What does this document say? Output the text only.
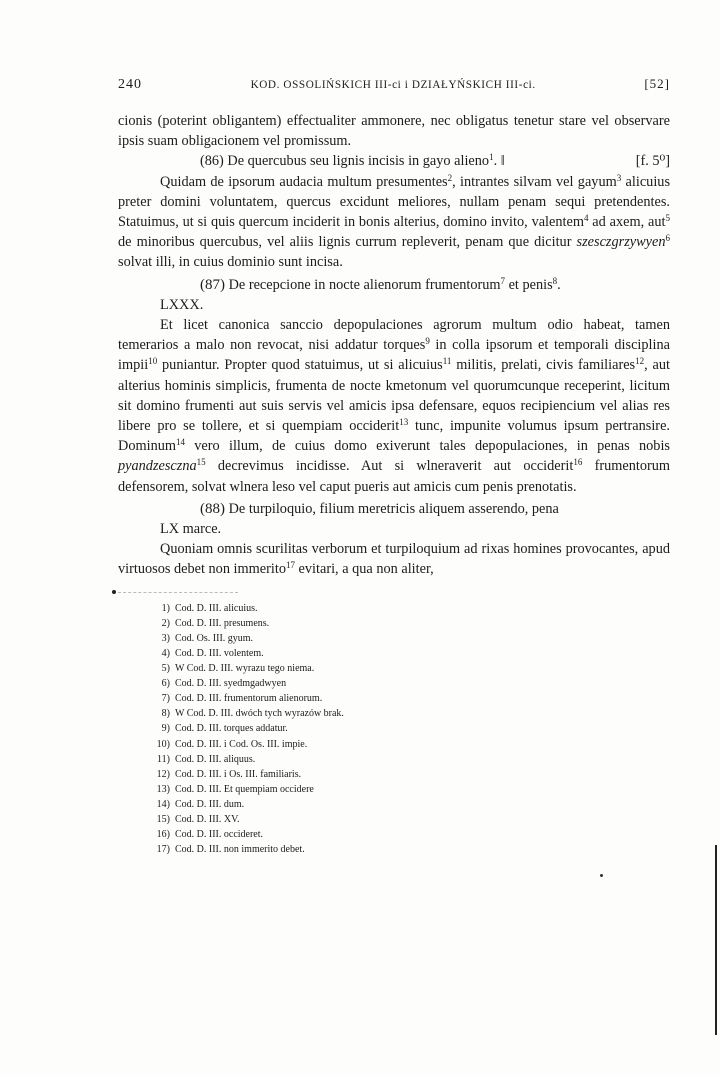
240	KOD. OSSOLIŃSKICH III-ci i DZIAŁYŃSKICH III-ci.	[52]

cionis (poterint obligantem) effectualiter ammonere, nec obligatus tenetur stare vel observare ipsis suam obligacionem vel promissum.

(86) De quercubus seu lignis incisis in gayo alieno$^1$. ‖	[f. 5⁰]

Quidam de ipsorum audacia multum presumentes$^2$, intrantes silvam vel gayum$^3$ alicuius preter domini voluntatem, quercus excidunt meliores, nullam penam sequi pretendentes. Statuimus, ut si quis quercum inciderit in bonis alterius, domino invito, valentem$^4$ ad axem, aut$^5$ de minoribus quercubus, vel aliis lignis currum repleverit, penam que dicitur szesczgrzywyen$^6$ solvat illi, in cuius dominio sunt incisa.

(87) De recepcione in nocte alienorum frumentorum$^7$ et penis$^8$.
LXXX.

Et licet canonica sanccio depopulaciones agrorum multum odio habeat, tamen temerarios a malo non revocat, nisi addatur torques$^9$ in colla ipsorum et temporali disciplina impii$^{10}$ puniantur. Propter quod statuimus, ut si alicuius$^{11}$ militis, prelati, civis familiares$^{12}$, aut alterius hominis simplicis, frumenta de nocte kmetonum vel quorumcunque receperint, licitum sit domino frumenti aut suis servis vel amicis ipsa defensare, equos recipiencium vel alias res libere pro se tollere, et si quempiam occiderit$^{13}$ tunc, impunite volumus ipsum pertransire. Dominum$^{14}$ vero illum, de cuius domo exiverunt tales depopulaciones, in penas nobis pyandzesczna$^{15}$ decrevimus incidisse. Aut si wlneraverit aut occiderit$^{16}$ frumentorum defensorem, solvat wlnera leso vel caput pueris aut amicis cum penis prenotatis.

(88) De turpiloquio, filium meretricis aliquem asserendo, pena
LX marce.

Quoniam omnis scurilitas verborum et turpiloquium ad rixas homines provocantes, apud virtuosos debet non immerito$^{17}$ evitari, a qua non aliter,

1) Cod. D. III. alicuius.
2) Cod. D. III. presumens.
3) Cod. Os. III. gyum.
4) Cod. D. III. volentem.
5) W Cod. D. III. wyrazu tego niema.
6) Cod. D. III. syedmgadwyen
7) Cod. D. III. frumentorum alienorum.
8) W Cod. D. III. dwóch tych wyrazów brak.
9) Cod. D. III. torques addatur.
10) Cod. D. III. i Cod. Os. III. impie.
11) Cod. D. III. aliquus.
12) Cod. D. III. i Os. III. familiaris.
13) Cod. D. III. Et quempiam occidere
14) Cod. D. III. dum.
15) Cod. D. III. XV.
16) Cod. D. III. occideret.
17) Cod. D. III. non immerito debet.
